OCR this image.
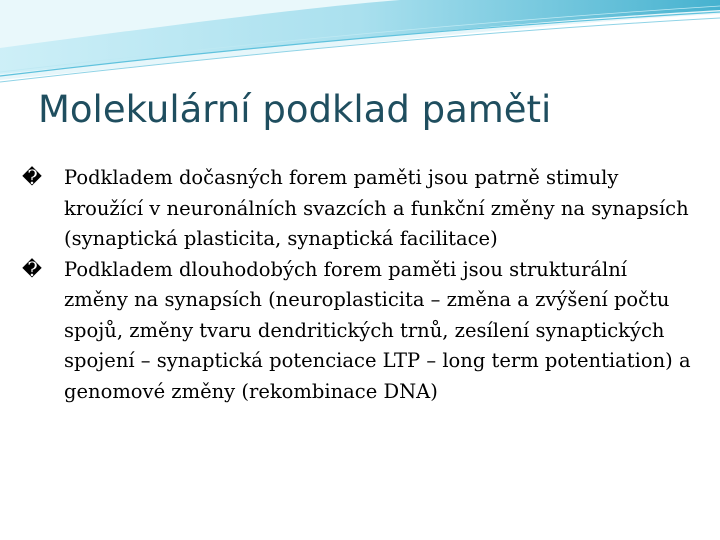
Molekulární podklad paměti
�	Podkladem dočasných forem paměti jsou patrně stimuly kroužící v neuronálních svazcích a funkční změny na synapsích (synaptická plasticita, synaptická facilitace)
�	Podkladem dlouhodobých forem paměti jsou strukturální změny na synapsích (neuroplasticita – změna a zvýšení počtu spojů, změny tvaru dendritických trnů, zesílení synaptických spojení – synaptická potenciace LTP – long term potentiation) a genomové změny (rekombinace DNA)
